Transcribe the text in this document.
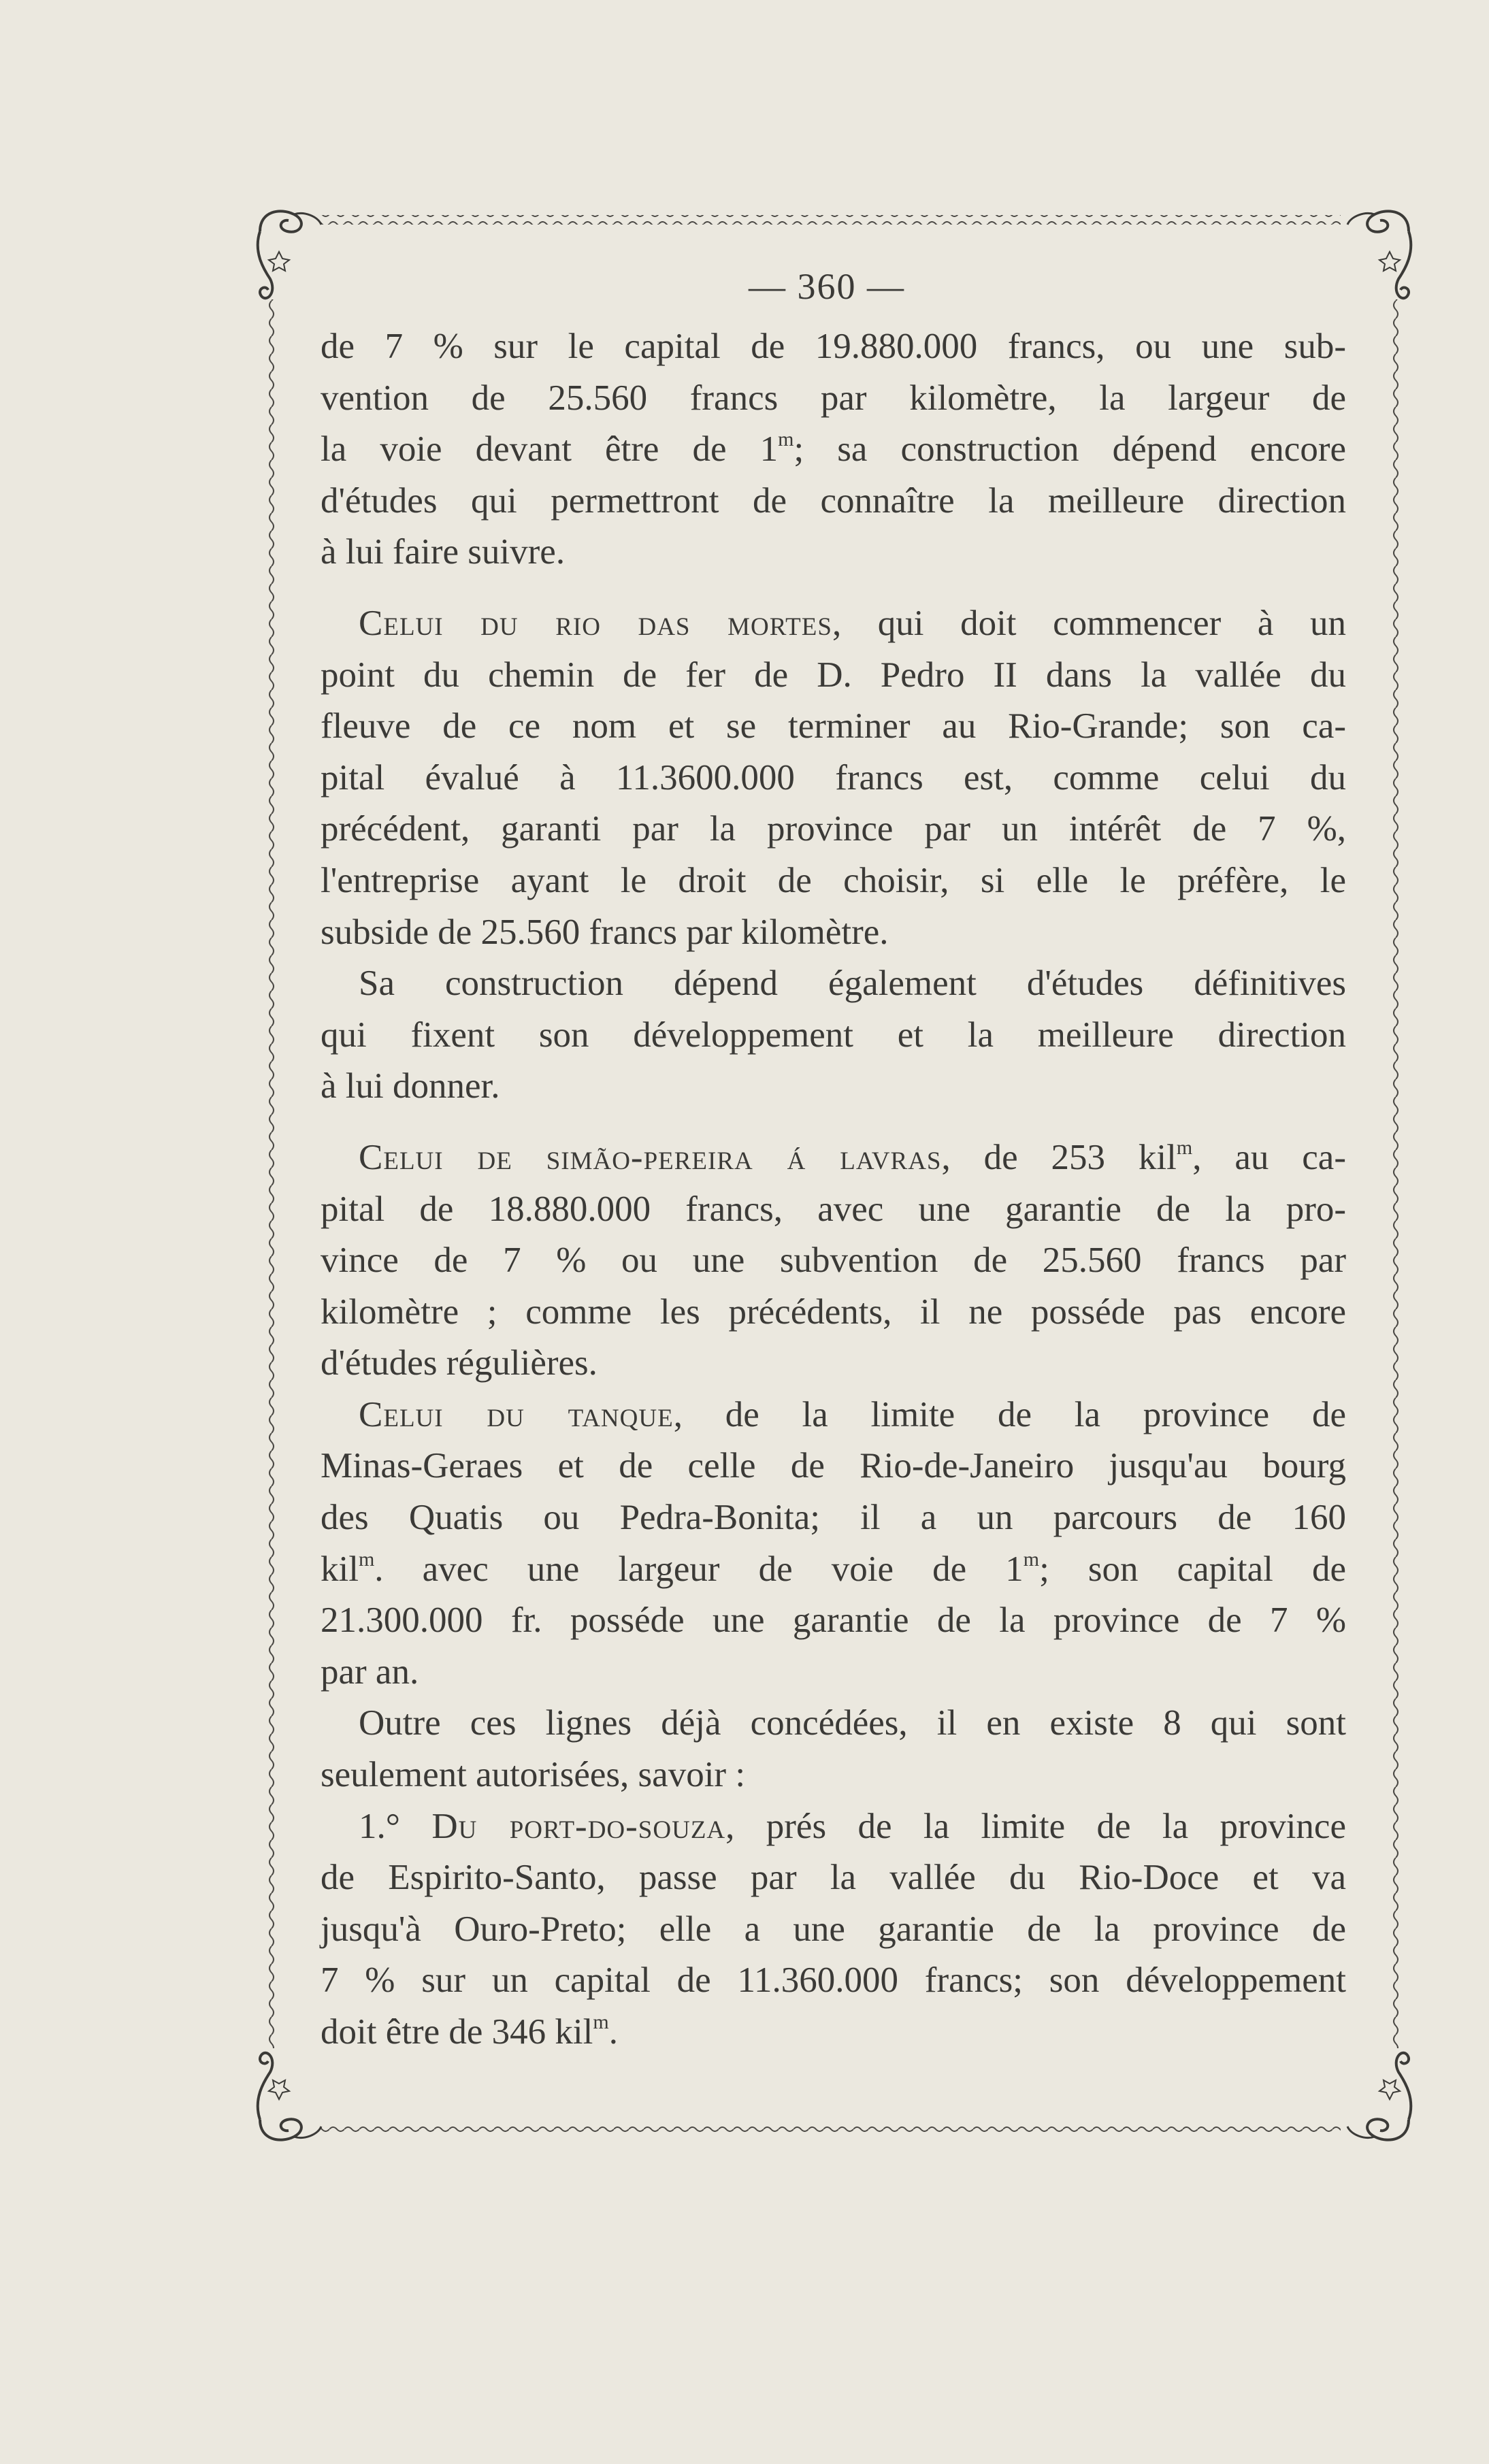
— 360 —
de 7 % sur le capital de 19.880.000 francs, ou une sub-
vention de 25.560 francs par kilomètre, la largeur de
la voie devant être de 1$^m$; sa construction dépend encore
d'études qui permettront de connaître la meilleure direction
à lui faire suivre.
Celui du rio das mortes, qui doit commencer à un
point du chemin de fer de D. Pedro II dans la vallée du
fleuve de ce nom et se terminer au Rio-Grande; son ca-
pital évalué à 11.3600.000 francs est, comme celui du
précédent, garanti par la province par un intérêt de 7 %,
l'entreprise ayant le droit de choisir, si elle le préfère, le
subside de 25.560 francs par kilomètre.
Sa construction dépend également d'études définitives
qui fixent son développement et la meilleure direction
à lui donner.
Celui de simão-pereira á lavras, de 253 kil$^m$, au ca-
pital de 18.880.000 francs, avec une garantie de la pro-
vince de 7 % ou une subvention de 25.560 francs par
kilomètre ; comme les précédents, il ne posséde pas encore
d'études régulières.
Celui du tanque, de la limite de la province de
Minas-Geraes et de celle de Rio-de-Janeiro jusqu'au bourg
des Quatis ou Pedra-Bonita; il a un parcours de 160
kil$^m$. avec une largeur de voie de 1$^m$; son capital de
21.300.000 fr. posséde une garantie de la province de 7 %
par an.
Outre ces lignes déjà concédées, il en existe 8 qui sont
seulement autorisées, savoir :
1.° Du port-do-souza, prés de la limite de la province
de Espirito-Santo, passe par la vallée du Rio-Doce et va
jusqu'à Ouro-Preto; elle a une garantie de la province de
7 % sur un capital de 11.360.000 francs; son développement
doit être de 346 kil$^m$.
